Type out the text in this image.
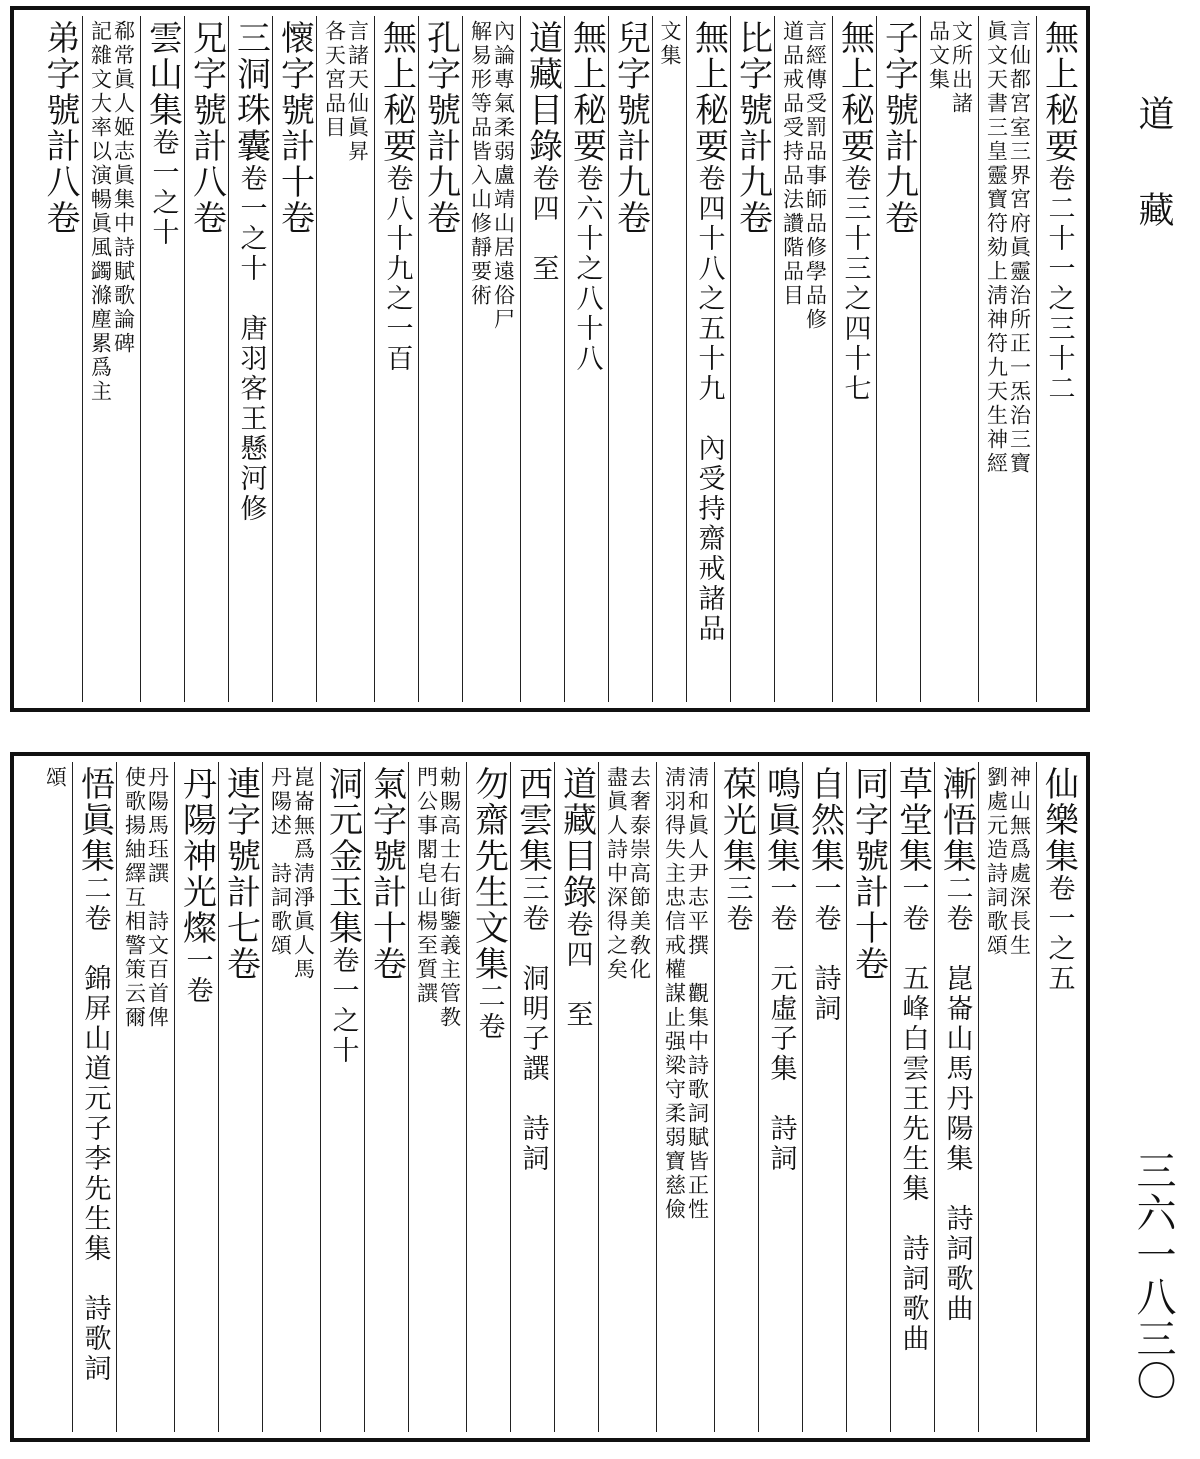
道藏
無上秘要卷二十一之三十二
言仙都宮室三界宮府眞靈治所正一炁治三寶
眞文天書三皇靈寶符劾上淸神符九天生神經
文所出諸
品文集
子字號計九卷
無上秘要卷三十三之四十七
言經傳受罰品事師品修學品修
道品戒品受持品法讚階品目
比字號計九卷
無上秘要卷四十八之五十九　內受持齋戒諸品
文集
兒字號計九卷
無上秘要卷六十之八十八
道藏目錄卷四　至
內論專氣柔弱盧靖山居遠俗尸
解易形等品皆入山修靜要術
孔字號計九卷
無上秘要卷八十九之一百
言諸天仙眞昇
各天宮品目
懷字號計十卷
三洞珠囊卷一之十　唐羽客王懸河修
兄字號計八卷
雲山集卷一之十
郗常眞人姬志眞集中詩賦歌論碑
記雜文大率以演暢眞風蠲滌塵累爲主
弟字號計八卷
仙樂集卷一之五
神山無爲處深長生
劉處元造詩詞歌頌
漸悟集二卷　崑崙山馬丹陽集　詩詞歌曲
草堂集一卷　五峰白雲王先生集　詩詞歌曲
同字號計十卷
自然集一卷　詩詞
鳴眞集一卷　元虛子集　詩詞
葆光集三卷
淸和眞人尹志平撰　觀集中詩歌詞賦皆正性
淸羽得失主忠信戒權謀止强梁守柔弱寶慈儉
去奢泰崇高節美敎化
盡眞人詩中深得之矣
道藏目錄卷四　至
西雲集三卷　洞明子譔　詩詞
勿齋先生文集二卷
勅賜高士右街鑒義主管教
門公事閣皂山楊至質譔
氣字號計十卷
洞元金玉集卷一之十
崑崙無爲淸淨眞人馬
丹陽述　詩詞歌頌
連字號計七卷
丹陽神光燦一卷
丹陽馬珏譔　詩文百首俾
使歌揚紬繹互相警策云爾
悟眞集二卷　錦屏山道元子李先生集　詩歌詞
頌
三六一八三〇
